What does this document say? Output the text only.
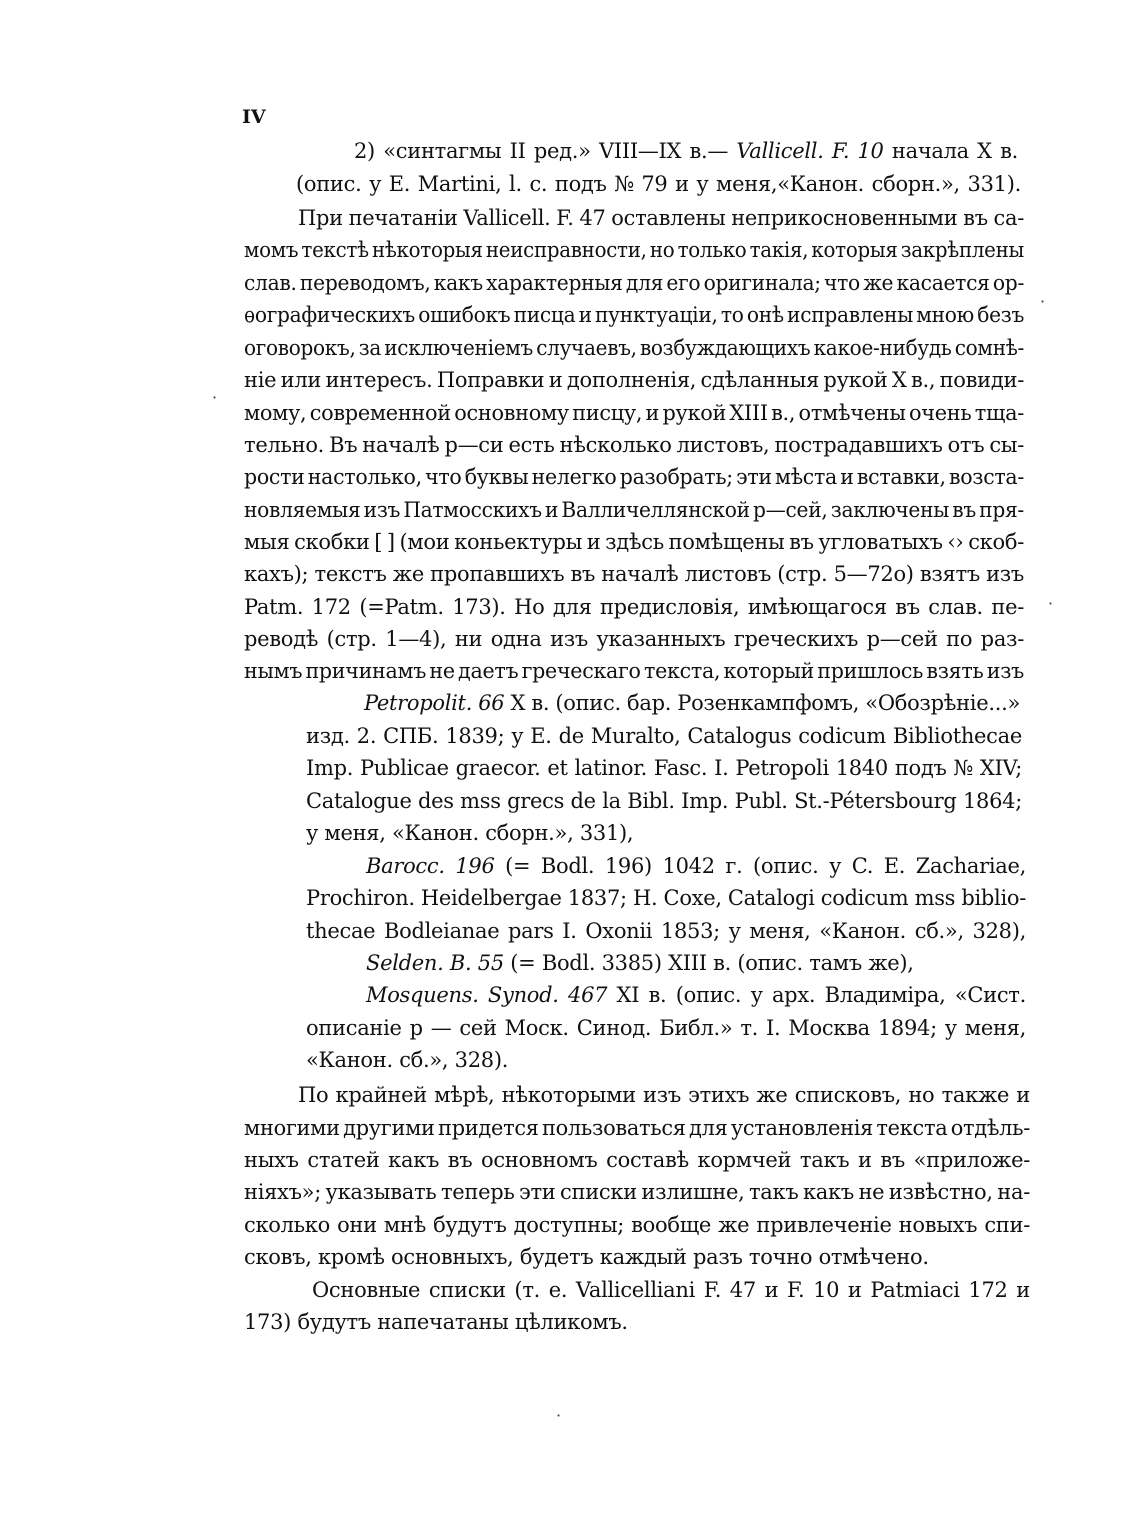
IV
2) «синтагмы II ред.» VIII—IX в.— Vallicell. F. 10 начала X в.
(опис. у E. Martini, l. c. подъ № 79 и у меня,«Канон. сборн.», 331).
При печатаніи Vallicell. F. 47 оставлены неприкосновенными въ са-
момъ текстѣ нѣкоторыя неисправности, но только такія, которыя закрѣплены
слав. переводомъ, какъ характерныя для его оригинала; что же касается ор-
ѳографическихъ ошибокъ писца и пунктуаціи, то онѣ исправлены мною безъ
оговорокъ, за исключеніемъ случаевъ, возбуждающихъ какое-нибудь сомнѣ-
ніе или интересъ. Поправки и дополненія, сдѣланныя рукой X в., повиди-
мому, современной основному писцу, и рукой XIII в., отмѣчены очень тща-
тельно. Въ началѣ р—си есть нѣсколько листовъ, пострадавшихъ отъ сы-
рости настолько, что буквы нелегко разобрать; эти мѣста и вставки, возста-
новляемыя изъ Патмосскихъ и Валличеллянской р—сей, заключены въ пря-
мыя скобки [ ] (мои коньектуры и здѣсь помѣщены въ угловатыхъ ‹› скоб-
кахъ); текстъ же пропавшихъ въ началѣ листовъ (стр. 5—72о) взятъ изъ
Patm. 172 (=Patm. 173). Но для предисловія, имѣющагося въ слав. пе-
реводѣ (стр. 1—4), ни одна изъ указанныхъ греческихъ р—сей по раз-
нымъ причинамъ не даетъ греческаго текста, который пришлось взять изъ
Petropolit. 66 X в. (опис. бар. Розенкампфомъ, «Обозрѣніе...»
изд. 2. СПБ. 1839; у E. de Muralto, Catalogus codicum Bibliothecae
Imp. Publicae graecor. et latinor. Fasc. I. Petropoli 1840 подъ № XIV;
Catalogue des mss grecs de la Bibl. Imp. Publ. St.-Pétersbourg 1864;
у меня, «Канон. сборн.», 331),
Barocc. 196 (= Bodl. 196) 1042 г. (опис. у C. E. Zachariae,
Prochiron. Heidelbergae 1837; H. Coxe, Catalogi codicum mss biblio-
thecae Bodleianae pars I. Oxonii 1853; у меня, «Канон. сб.», 328),
Selden. B. 55 (= Bodl. 3385) XIII в. (опис. тамъ же),
Mosquens. Synod. 467 XI в. (опис. у арх. Владиміра, «Сист.
описаніе р — сей Моск. Синод. Библ.» т. I. Москва 1894; у меня,
«Канон. сб.», 328).
По крайней мѣрѣ, нѣкоторыми изъ этихъ же списковъ, но также и
многими другими придется пользоваться для установленія текста отдѣль-
ныхъ статей какъ въ основномъ составѣ кормчей такъ и въ «приложе-
ніяхъ»; указывать теперь эти списки излишне, такъ какъ не извѣстно, на-
сколько они мнѣ будутъ доступны; вообще же привлеченіе новыхъ спи-
сковъ, кромѣ основныхъ, будетъ каждый разъ точно отмѣчено.
Основные списки (т. е. Vallicelliani F. 47 и F. 10 и Patmiaci 172 и
173) будутъ напечатаны цѣликомъ.
·
·
·
·
